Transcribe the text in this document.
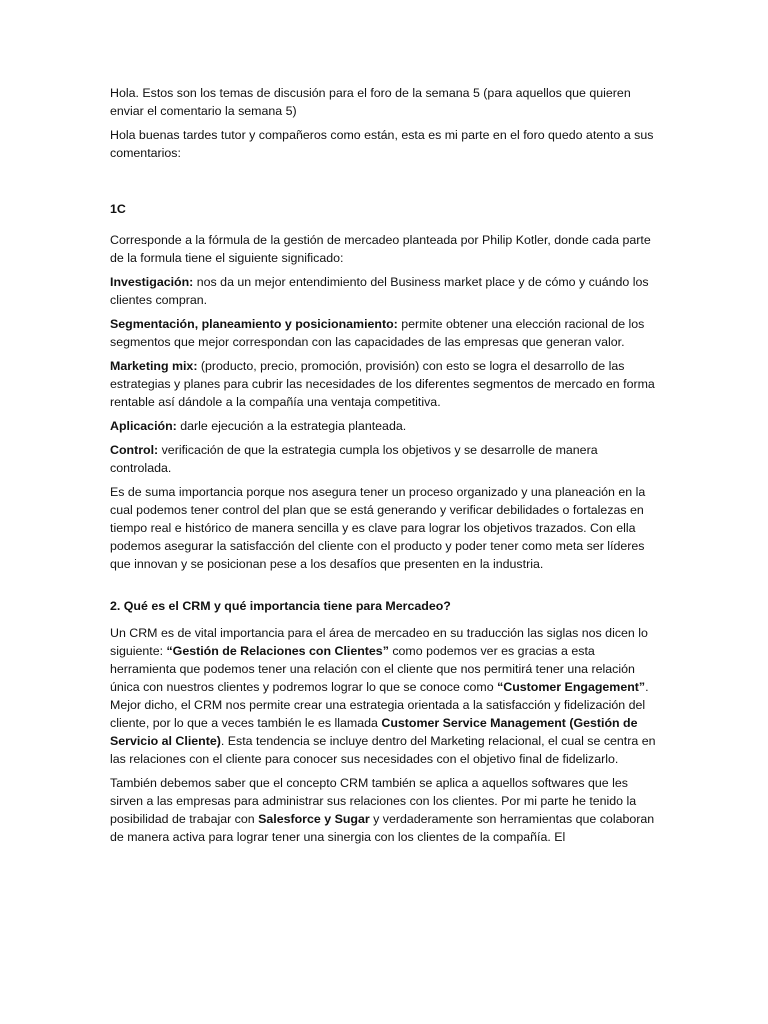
Hola. Estos son los temas de discusión para el foro de la semana 5 (para aquellos que quieren enviar el comentario la semana 5)

Hola buenas tardes tutor y compañeros como están, esta es mi parte en el foro quedo atento a sus comentarios:

1C

Corresponde a la fórmula de la gestión de mercadeo planteada por Philip Kotler, donde cada parte de la formula tiene el siguiente significado:

Investigación: nos da un mejor entendimiento del Business market place y de cómo y cuándo los clientes compran.

Segmentación, planeamiento y posicionamiento: permite obtener una elección racional de los segmentos que mejor correspondan con las capacidades de las empresas que generan valor.

Marketing mix: (producto, precio, promoción, provisión) con esto se logra el desarrollo de las estrategias y planes para cubrir las necesidades de los diferentes segmentos de mercado en forma rentable así dándole a la compañía una ventaja competitiva.

Aplicación: darle ejecución a la estrategia planteada.

Control: verificación de que la estrategia cumpla los objetivos y se desarrolle de manera controlada.

Es de suma importancia porque nos asegura tener un proceso organizado y una planeación en la cual podemos tener control del plan que se está generando y verificar debilidades o fortalezas en tiempo real e histórico de manera sencilla y es clave para lograr los objetivos trazados. Con ella podemos asegurar la satisfacción del cliente con el producto y poder tener como meta ser líderes que innovan y se posicionan pese a los desafíos que presenten en la industria.

2. Qué es el CRM y qué importancia tiene para Mercadeo?

Un CRM es de vital importancia para el área de mercadeo en su traducción las siglas nos dicen lo siguiente: “Gestión de Relaciones con Clientes” como podemos ver es gracias a esta herramienta que podemos tener una relación con el cliente que nos permitirá tener una relación única con nuestros clientes y podremos lograr lo que se conoce como “Customer Engagement”.

Mejor dicho, el CRM nos permite crear una estrategia orientada a la satisfacción y fidelización del cliente, por lo que a veces también le es llamada Customer Service Management (Gestión de Servicio al Cliente). Esta tendencia se incluye dentro del Marketing relacional, el cual se centra en las relaciones con el cliente para conocer sus necesidades con el objetivo final de fidelizarlo.

También debemos saber que el concepto CRM también se aplica a aquellos softwares que les sirven a las empresas para administrar sus relaciones con los clientes. Por mi parte he tenido la posibilidad de trabajar con Salesforce y Sugar y verdaderamente son herramientas que colaboran de manera activa para lograr tener una sinergia con los clientes de la compañía. El
